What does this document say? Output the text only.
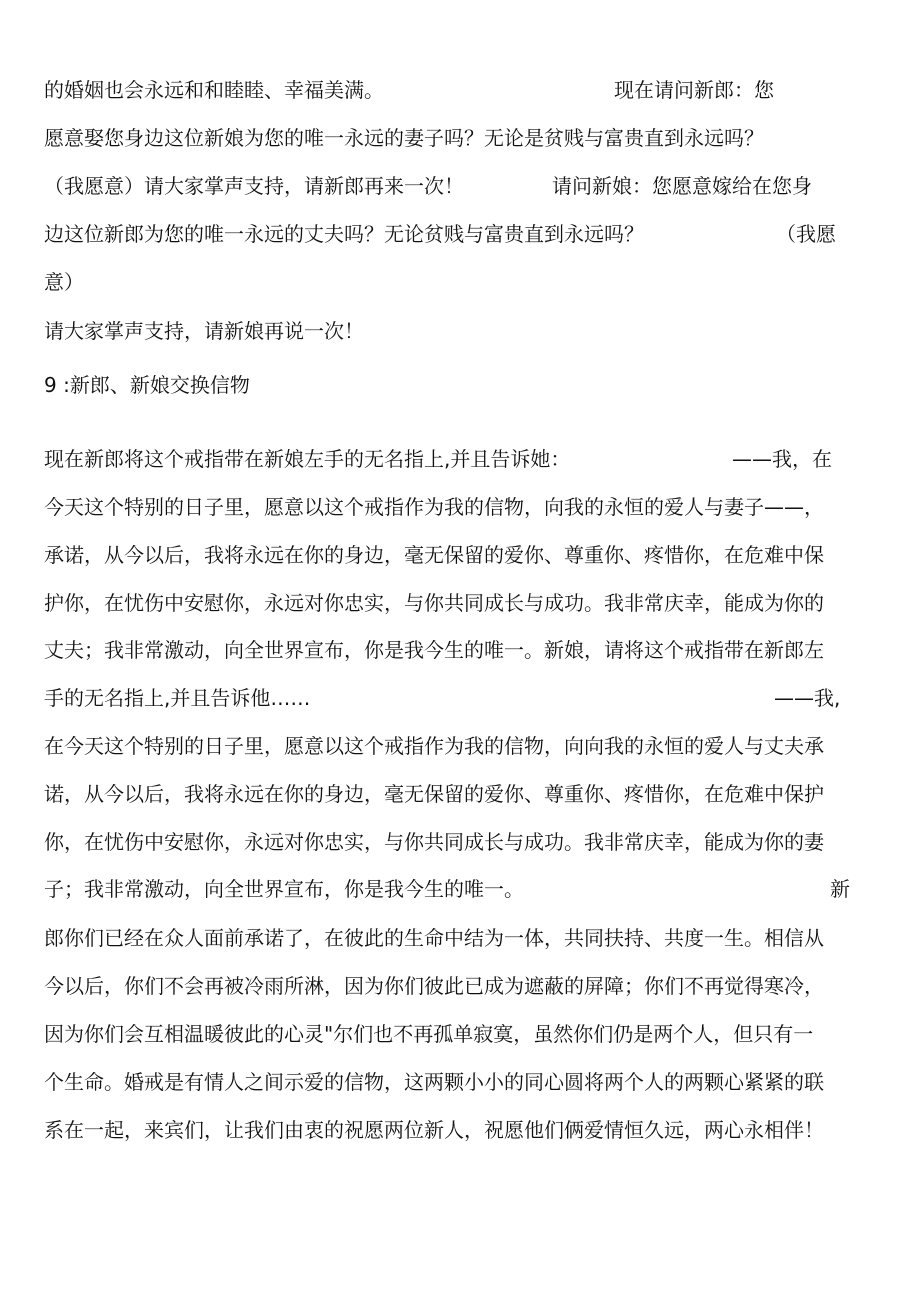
的婚姻也会永远和和睦睦、幸福美满。	现在请问新郎：您
愿意娶您身边这位新娘为您的唯一永远的妻子吗？无论是贫贱与富贵直到永远吗？
（我愿意）请大家掌声支持，请新郎再来一次！	请问新娘：您愿意嫁给在您身
边这位新郎为您的唯一永远的丈夫吗？无论贫贱与富贵直到永远吗？	（我愿
意）
请大家掌声支持，请新娘再说一次！
9 :新郎、新娘交换信物
现在新郎将这个戒指带在新娘左手的无名指上,并且告诉她：	——我，在
今天这个特别的日子里，愿意以这个戒指作为我的信物，向我的永恒的爱人与妻子——，
承诺，从今以后，我将永远在你的身边，毫无保留的爱你、尊重你、疼惜你，在危难中保
护你，在忧伤中安慰你，永远对你忠实，与你共同成长与成功。我非常庆幸，能成为你的
丈夫；我非常激动，向全世界宣布，你是我今生的唯一。新娘，请将这个戒指带在新郎左
手的无名指上,并且告诉他……	——我,
在今天这个特别的日子里，愿意以这个戒指作为我的信物，向向我的永恒的爱人与丈夫承
诺，从今以后，我将永远在你的身边，毫无保留的爱你、尊重你、疼惜你，在危难中保护
你，在忧伤中安慰你，永远对你忠实，与你共同成长与成功。我非常庆幸，能成为你的妻
子；我非常激动，向全世界宣布，你是我今生的唯一。	新
郎你们已经在众人面前承诺了，在彼此的生命中结为一体，共同扶持、共度一生。相信从
今以后，你们不会再被冷雨所淋，因为你们彼此已成为遮蔽的屏障；你们不再觉得寒冷，
因为你们会互相温暖彼此的心灵"尔们也不再孤单寂寞，虽然你们仍是两个人，但只有一
个生命。婚戒是有情人之间示爱的信物，这两颗小小的同心圆将两个人的两颗心紧紧的联
系在一起，来宾们，让我们由衷的祝愿两位新人，祝愿他们俩爱情恒久远，两心永相伴！
